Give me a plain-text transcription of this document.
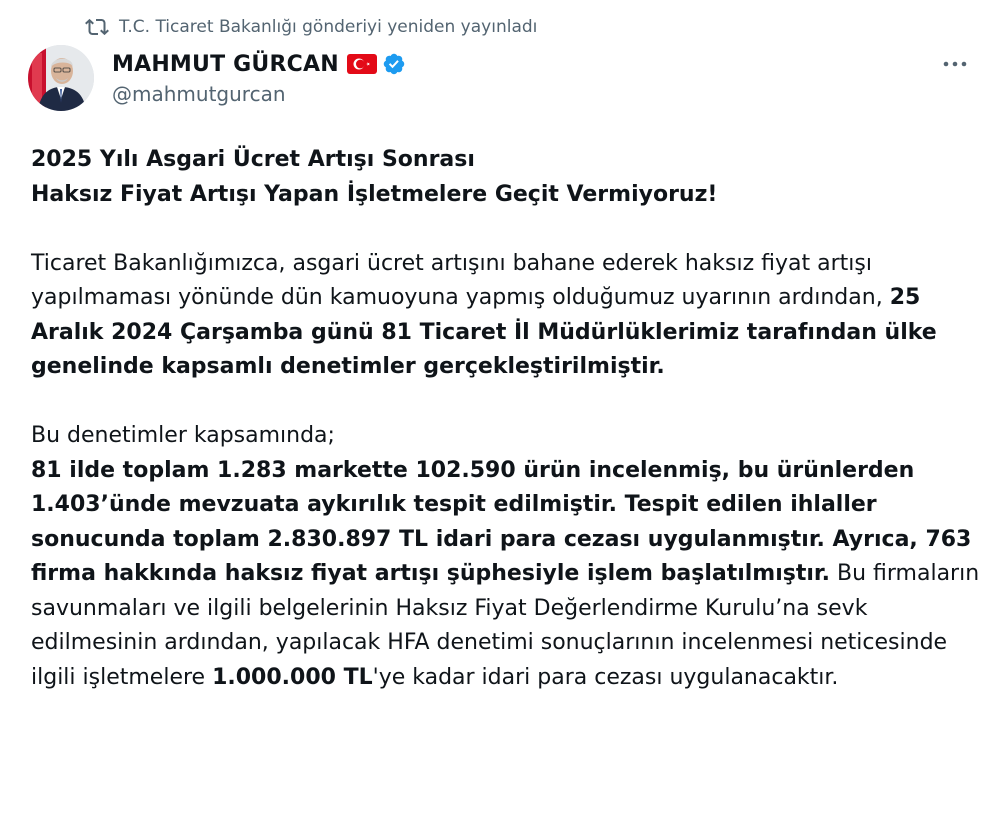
T.C. Ticaret Bakanlığı gönderiyi yeniden yayınladı
MAHMUT GÜRCAN
@mahmutgurcan

2025 Yılı Asgari Ücret Artışı Sonrası

Haksız Fiyat Artışı Yapan İşletmelere Geçit Vermiyoruz!

Ticaret Bakanlığımızca, asgari ücret artışını bahane ederek haksız fiyat artışı yapılmaması yönünde dün kamuoyuna yapmış olduğumuz uyarının ardından, 25 Aralık 2024 Çarşamba günü 81 Ticaret İl Müdürlüklerimiz tarafından ülke genelinde kapsamlı denetimler gerçekleştirilmiştir.

Bu denetimler kapsamında;

81 ilde toplam 1.283 markette 102.590 ürün incelenmiş, bu ürünlerden 1.403’ünde mevzuata aykırılık tespit edilmiştir. Tespit edilen ihlaller sonucunda toplam 2.830.897 TL idari para cezası uygulanmıştır. Ayrıca, 763 firma hakkında haksız fiyat artışı şüphesiyle işlem başlatılmıştır. Bu firmaların savunmaları ve ilgili belgelerinin Haksız Fiyat Değerlendirme Kurulu’na sevk edilmesinin ardından, yapılacak HFA denetimi sonuçlarının incelenmesi neticesinde ilgili işletmelere 1.000.000 TL'ye kadar idari para cezası uygulanacaktır.
